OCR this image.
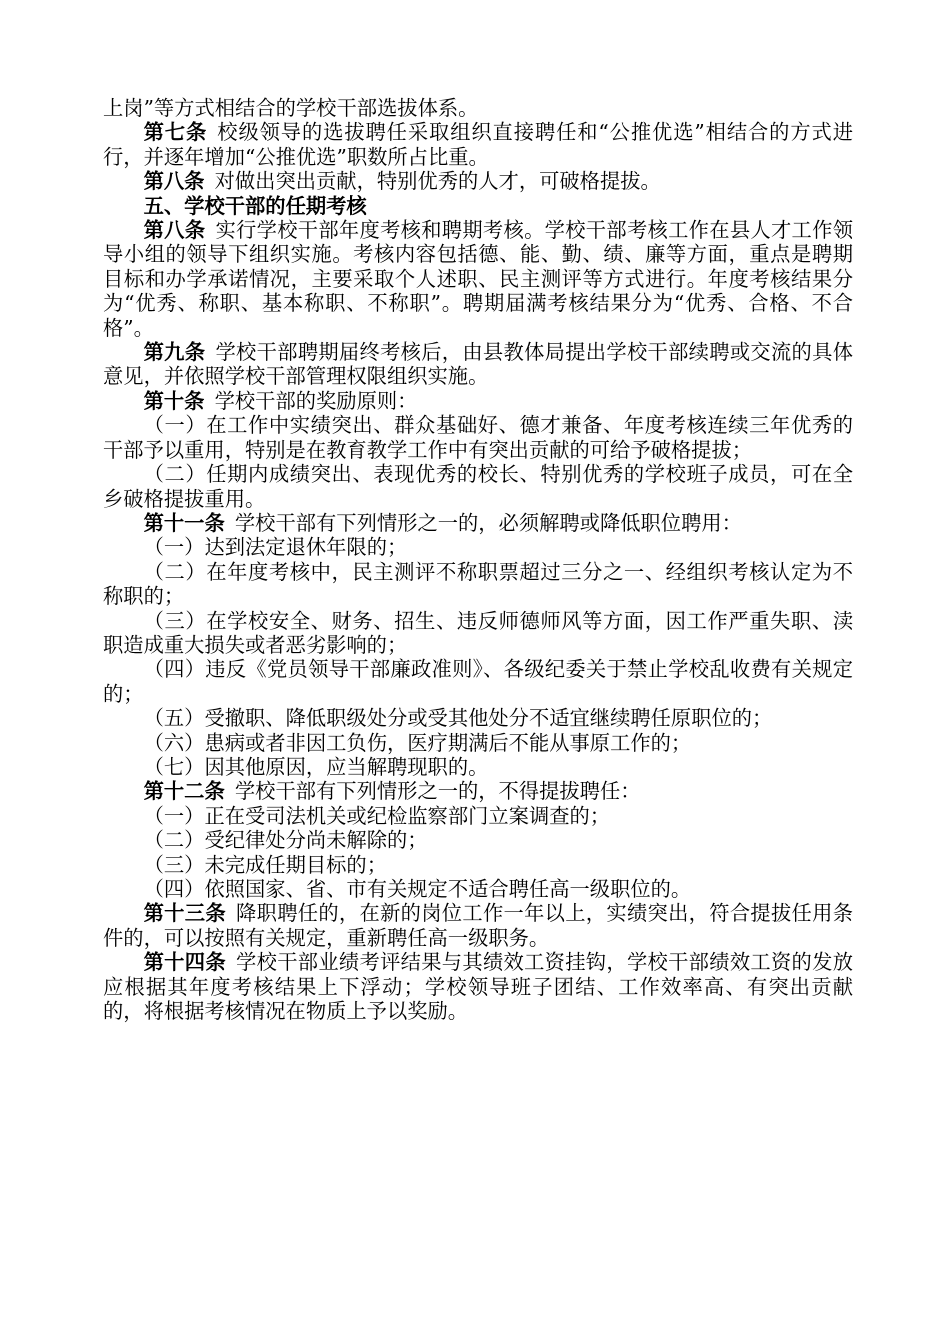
上岗”等方式相结合的学校干部选拔体系。

第七条 校级领导的选拔聘任采取组织直接聘任和“公推优选”相结合的方式进行，并逐年增加“公推优选”职数所占比重。

第八条 对做出突出贡献，特别优秀的人才，可破格提拔。

五、学校干部的任期考核

第八条 实行学校干部年度考核和聘期考核。学校干部考核工作在县人才工作领导小组的领导下组织实施。考核内容包括德、能、勤、绩、廉等方面，重点是聘期目标和办学承诺情况，主要采取个人述职、民主测评等方式进行。年度考核结果分为“优秀、称职、基本称职、不称职”。聘期届满考核结果分为“优秀、合格、不合格”。

第九条 学校干部聘期届终考核后，由县教体局提出学校干部续聘或交流的具体意见，并依照学校干部管理权限组织实施。

第十条 学校干部的奖励原则：

（一）在工作中实绩突出、群众基础好、德才兼备、年度考核连续三年优秀的干部予以重用，特别是在教育教学工作中有突出贡献的可给予破格提拔；

（二）任期内成绩突出、表现优秀的校长、特别优秀的学校班子成员，可在全乡破格提拔重用。

第十一条 学校干部有下列情形之一的，必须解聘或降低职位聘用：

（一）达到法定退休年限的；

（二）在年度考核中，民主测评不称职票超过三分之一、经组织考核认定为不称职的；

（三）在学校安全、财务、招生、违反师德师风等方面，因工作严重失职、渎职造成重大损失或者恶劣影响的；

（四）违反《党员领导干部廉政准则》、各级纪委关于禁止学校乱收费有关规定的；

（五）受撤职、降低职级处分或受其他处分不适宜继续聘任原职位的；

（六）患病或者非因工负伤，医疗期满后不能从事原工作的；

（七）因其他原因，应当解聘现职的。

第十二条 学校干部有下列情形之一的，不得提拔聘任：

（一）正在受司法机关或纪检监察部门立案调查的；

（二）受纪律处分尚未解除的；

（三）未完成任期目标的；

（四）依照国家、省、市有关规定不适合聘任高一级职位的。

第十三条 降职聘任的，在新的岗位工作一年以上，实绩突出，符合提拔任用条件的，可以按照有关规定，重新聘任高一级职务。

第十四条 学校干部业绩考评结果与其绩效工资挂钩，学校干部绩效工资的发放应根据其年度考核结果上下浮动；学校领导班子团结、工作效率高、有突出贡献的，将根据考核情况在物质上予以奖励。
